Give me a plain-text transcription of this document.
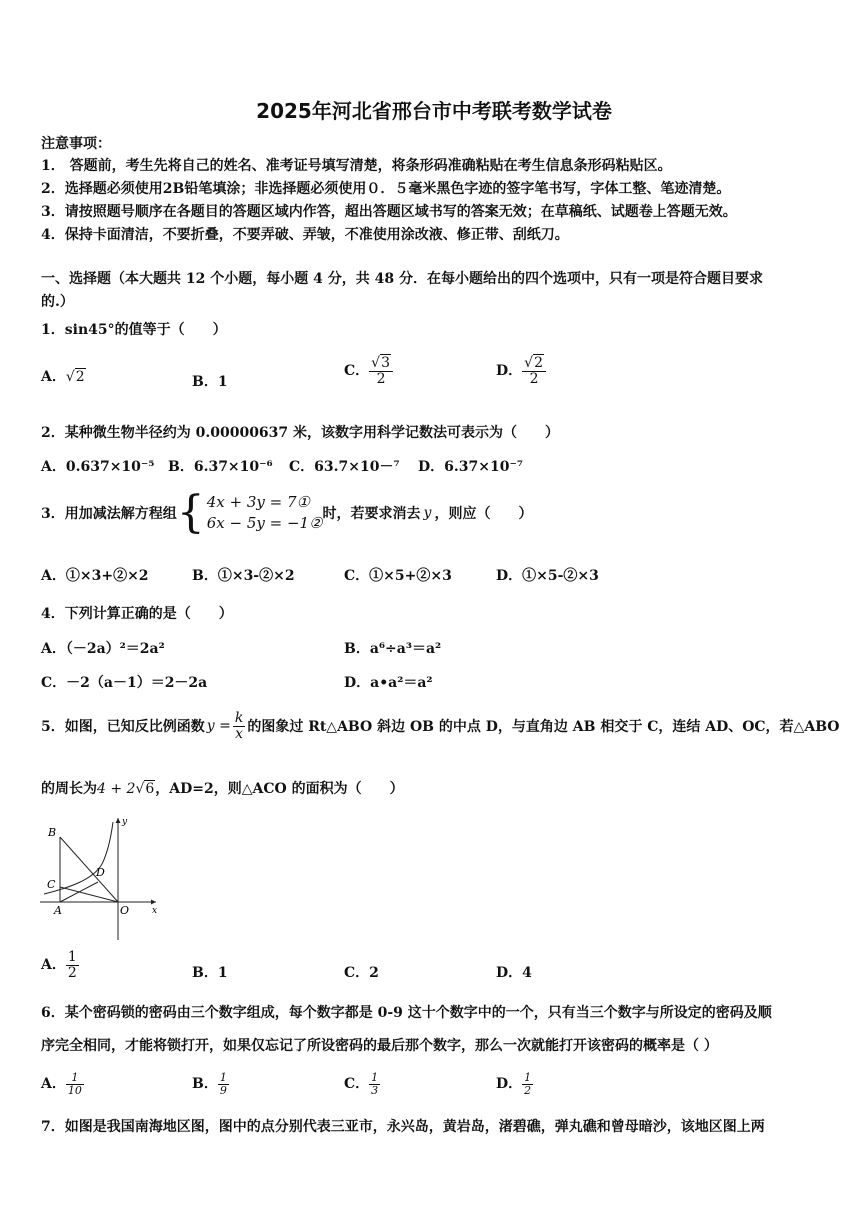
2025年河北省邢台市中考联考数学试卷
注意事项：
1． 答题前，考生先将自己的姓名、准考证号填写清楚，将条形码准确粘贴在考生信息条形码粘贴区。
2．选择题必须使用2B铅笔填涂；非选择题必须使用０．５毫米黑色字迹的签字笔书写，字体工整、笔迹清楚。
3．请按照题号顺序在各题目的答题区域内作答，超出答题区域书写的答案无效；在草稿纸、试题卷上答题无效。
4．保持卡面清洁，不要折叠，不要弄破、弄皱，不准使用涂改液、修正带、刮纸刀。
一、选择题（本大题共 12 个小题，每小题 4 分，共 48 分．在每小题给出的四个选项中，只有一项是符合题目要求
的.）
1．sin45°的值等于（　　）
A．√2	B．1
C． $\frac{√3}{2}$	D． $\frac{√2}{2}$
2．某种微生物半径约为 0.00000637 米，该数字用科学记数法可表示为（　　）
A．0.637×10⁻⁵ B．6.37×10⁻⁶ C．63.7×10－⁷ D．6.37×10⁻⁷
3．用加减法解方程组 { 4x + 3y = 7①
6x − 5y = −1② 时，若要求消去 y ，则应（　　）
A．①×3+②×2	B．①×3-②×2	C．①×5+②×3	D．①×5-②×3
4．下列计算正确的是（　　）
A．（－2a）²＝2a²	B．a⁶÷a³＝a²
C．－2（a－1）＝2－2a	D．a•a²＝a²
5．如图，已知反比例函数 $y = \frac{k}{x}$ 的图象过 Rt△ABO 斜边 OB 的中点 D，与直角边 AB 相交于 C，连结 AD、OC，若△ABO
的周长为4 + 2√6，AD=2，则△ACO 的面积为（　　）
B
C
D
A	O	x
y
A． $\frac{1}{2}$	B．1	C．2	D．4
6．某个密码锁的密码由三个数字组成，每个数字都是 0-9 这十个数字中的一个，只有当三个数字与所设定的密码及顺
序完全相同，才能将锁打开，如果仅忘记了所设密码的最后那个数字，那么一次就能打开该密码的概率是（ ）
A． $\frac{1}{10}$	B． $\frac{1}{9}$	C． $\frac{1}{3}$	D． $\frac{1}{2}$
7．如图是我国南海地区图，图中的点分别代表三亚市，永兴岛，黄岩岛，渚碧礁，弹丸礁和曾母暗沙，该地区图上两
